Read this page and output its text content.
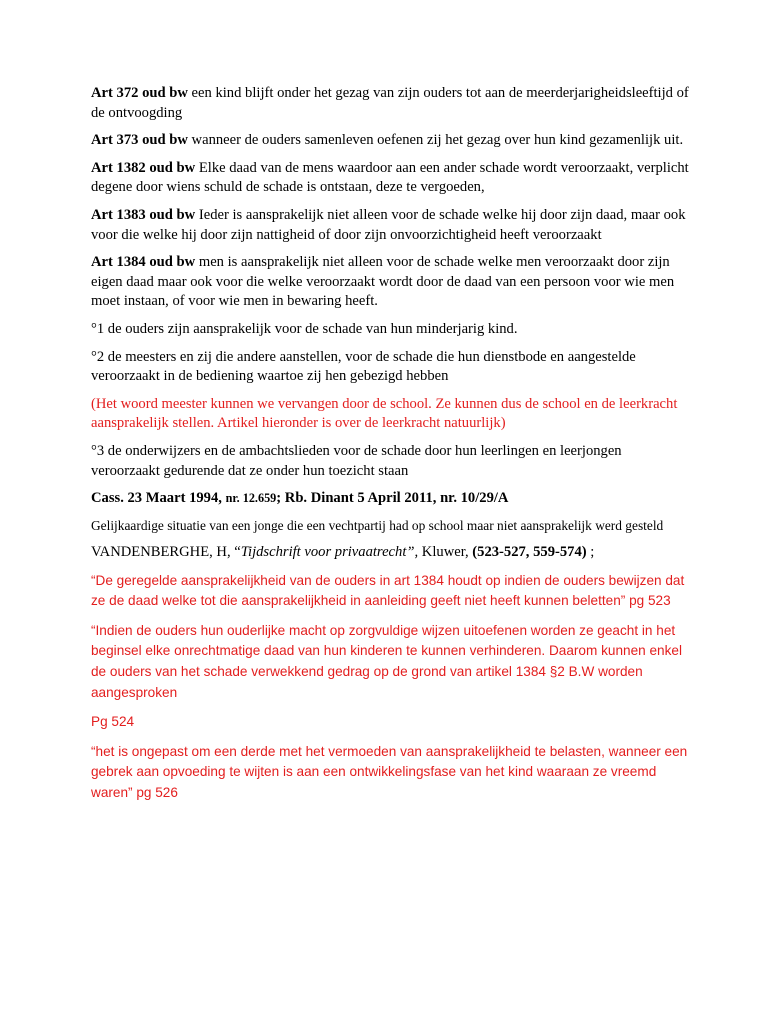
Art 372 oud bw een kind blijft onder het gezag van zijn ouders tot aan de meerderjarigheidsleeftijd of de ontvoogding

Art 373 oud bw wanneer de ouders samenleven oefenen zij het gezag over hun kind gezamenlijk uit.

Art 1382 oud bw Elke daad van de mens waardoor aan een ander schade wordt veroorzaakt, verplicht degene door wiens schuld de schade is ontstaan, deze te vergoeden,

Art 1383 oud bw Ieder is aansprakelijk niet alleen voor de schade welke hij door zijn daad, maar ook voor die welke hij door zijn nattigheid of door zijn onvoorzichtigheid heeft veroorzaakt

Art 1384 oud bw men is aansprakelijk niet alleen voor de schade welke men veroorzaakt door zijn eigen daad maar ook voor die welke veroorzaakt wordt door de daad van een persoon voor wie men moet instaan, of voor wie men in bewaring heeft.

°1 de ouders zijn aansprakelijk voor de schade van hun minderjarig kind.

°2 de meesters en zij die andere aanstellen, voor de schade die hun dienstbode en aangestelde veroorzaakt in de bediening waartoe zij hen gebezigd hebben

(Het woord meester kunnen we vervangen door de school. Ze kunnen dus de school en de leerkracht aansprakelijk stellen. Artikel hieronder is over de leerkracht natuurlijk)

°3 de onderwijzers en de ambachtslieden voor de schade door hun leerlingen en leerjongen veroorzaakt gedurende dat ze onder hun toezicht staan

Cass. 23 Maart 1994, nr. 12.659; Rb. Dinant 5 April 2011, nr. 10/29/A

Gelijkaardige situatie van een jonge die een vechtpartij had op school maar niet aansprakelijk werd gesteld

VANDENBERGHE, H, “Tijdschrift voor privaatrecht”, Kluwer, (523-527, 559-574) ;

“De geregelde aansprakelijkheid van de ouders in art 1384 houdt op indien de ouders bewijzen dat ze de daad welke tot die aansprakelijkheid in aanleiding geeft niet heeft kunnen beletten” pg 523

“Indien de ouders hun ouderlijke macht op zorgvuldige wijzen uitoefenen worden ze geacht in het beginsel elke onrechtmatige daad van hun kinderen te kunnen verhinderen. Daarom kunnen enkel de ouders van het schade verwekkend gedrag op de grond van artikel 1384 §2 B.W worden aangesproken

Pg 524

“het is ongepast om een derde met het vermoeden van aansprakelijkheid te belasten, wanneer een gebrek aan opvoeding te wijten is aan een ontwikkelingsfase van het kind waaraan ze vreemd waren” pg 526
